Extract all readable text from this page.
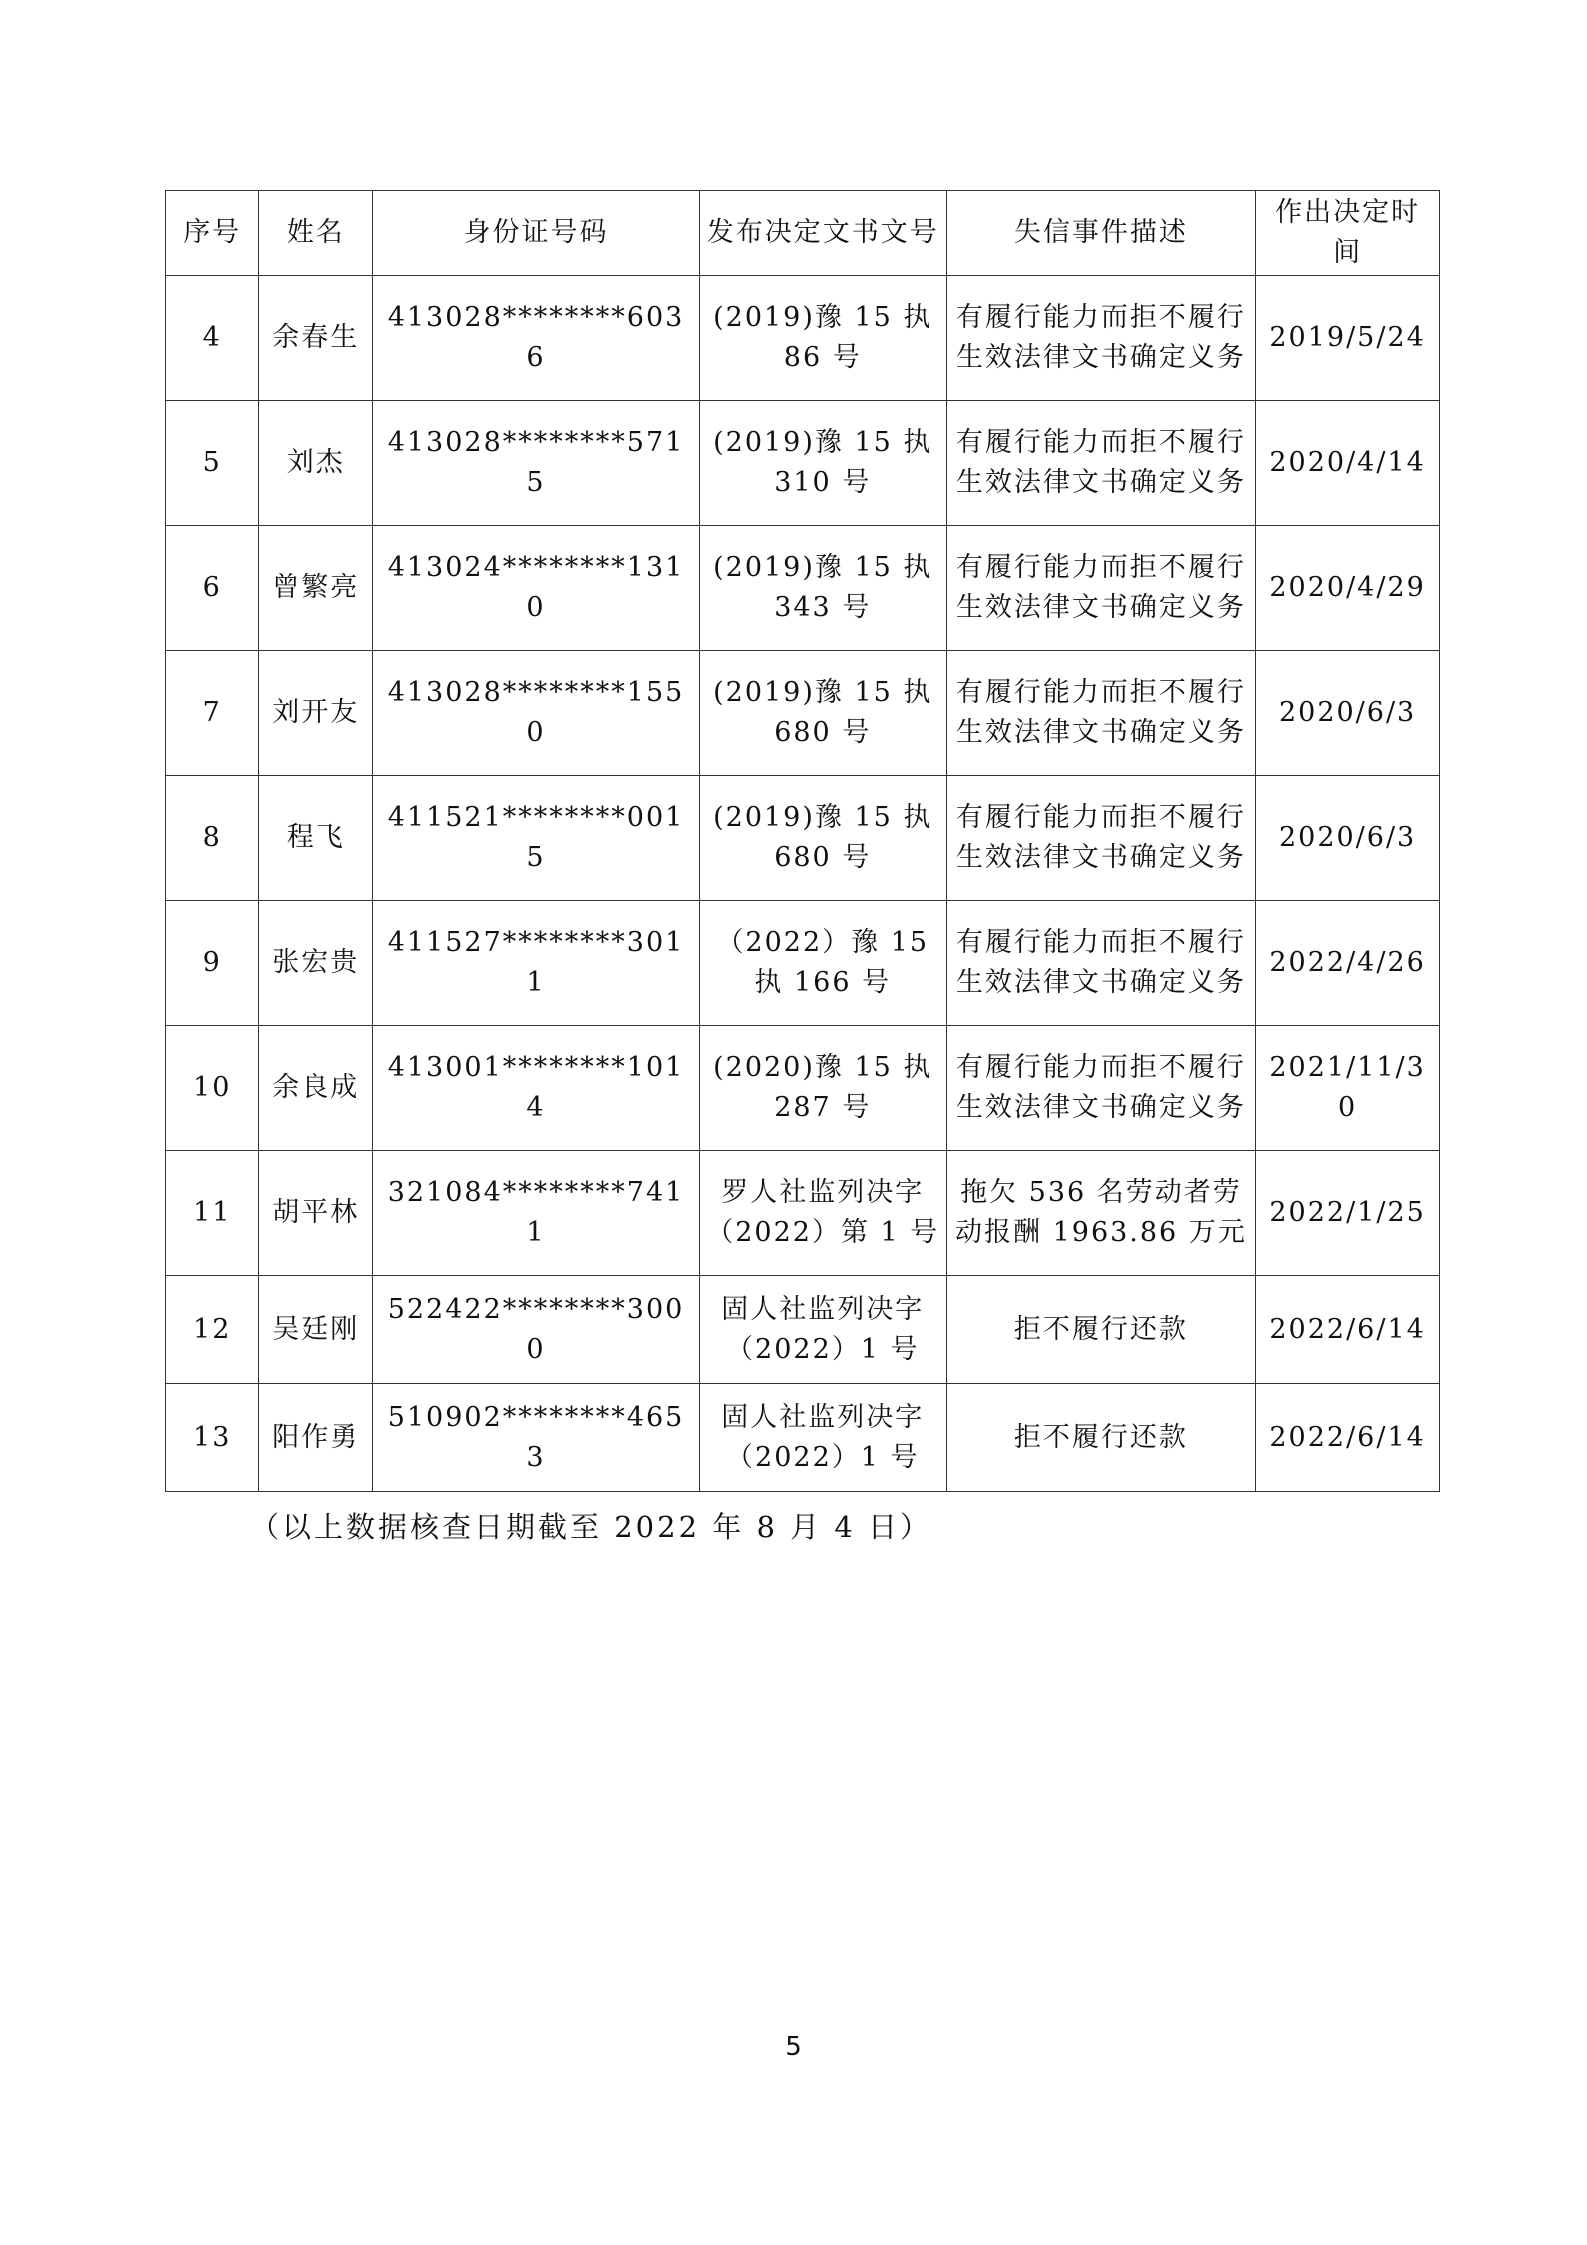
序号	姓名	身份证号码	发布决定文书文号	失信事件描述	作出决定时 间
4	余春生	413028********6036	(2019)豫 15 执 86 号	有履行能力而拒不履行生效法律文书确定义务	2019/5/24
5	刘杰	413028********5715	(2019)豫 15 执 310 号	有履行能力而拒不履行生效法律文书确定义务	2020/4/14
6	曾繁亮	413024********1310	(2019)豫 15 执 343 号	有履行能力而拒不履行生效法律文书确定义务	2020/4/29
7	刘开友	413028********1550	(2019)豫 15 执 680 号	有履行能力而拒不履行生效法律文书确定义务	2020/6/3
8	程飞	411521********0015	(2019)豫 15 执 680 号	有履行能力而拒不履行生效法律文书确定义务	2020/6/3
9	张宏贵	411527********3011	（2022）豫 15 执 166 号	有履行能力而拒不履行生效法律文书确定义务	2022/4/26
10	余良成	413001********1014	(2020)豫 15 执 287 号	有履行能力而拒不履行生效法律文书确定义务	2021/11/30
11	胡平林	321084********7411	罗人社监列决字（2022）第 1 号	拖欠 536 名劳动者劳动报酬 1963.86 万元	2022/1/25
12	吴廷刚	522422********3000	固人社监列决字（2022）1 号	拒不履行还款	2022/6/14
13	阳作勇	510902********4653	固人社监列决字（2022）1 号	拒不履行还款	2022/6/14
（以上数据核查日期截至 2022 年 8 月 4 日）
5
